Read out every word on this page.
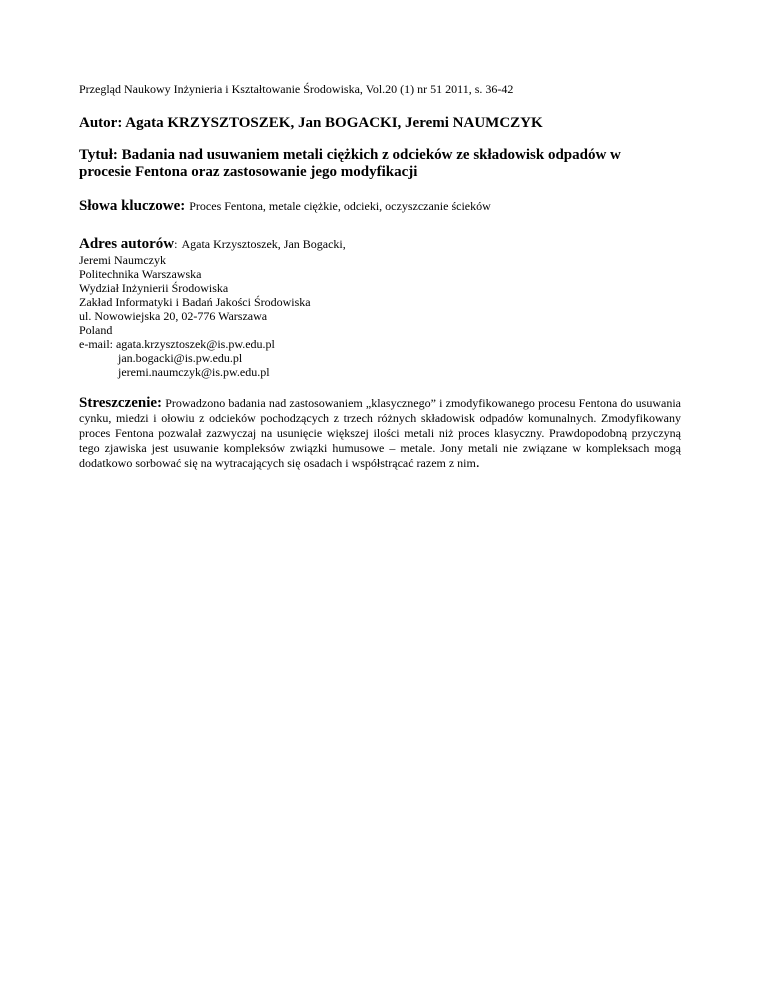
Przegląd Naukowy Inżynieria i Kształtowanie Środowiska, Vol.20 (1) nr 51 2011, s. 36-42

Autor: Agata KRZYSZTOSZEK, Jan BOGACKI, Jeremi NAUMCZYK

Tytuł: Badania nad usuwaniem metali ciężkich z odcieków ze składowisk odpadów w
procesie Fentona oraz zastosowanie jego modyfikacji

Słowa kluczowe: Proces Fentona, metale ciężkie, odcieki, oczyszczanie ścieków

Adres autorów: Agata Krzysztoszek, Jan Bogacki,
Jeremi Naumczyk
Politechnika Warszawska
Wydział Inżynierii Środowiska
Zakład Informatyki i Badań Jakości Środowiska
ul. Nowowiejska 20, 02-776 Warszawa
Poland
e-mail: agata.krzysztoszek@is.pw.edu.pl
jan.bogacki@is.pw.edu.pl
jeremi.naumczyk@is.pw.edu.pl

Streszczenie: Prowadzono badania nad zastosowaniem „klasycznego” i zmodyfikowanego procesu Fentona do usuwania cynku, miedzi i ołowiu z odcieków pochodzących z trzech różnych składowisk odpadów komunalnych. Zmodyfikowany proces Fentona pozwalał zazwyczaj na usunięcie większej ilości metali niż proces klasyczny. Prawdopodobną przyczyną tego zjawiska jest usuwanie kompleksów związki humusowe – metale. Jony metali nie związane w kompleksach mogą dodatkowo sorbować się na wytracających się osadach i współstrącać razem z nim.
